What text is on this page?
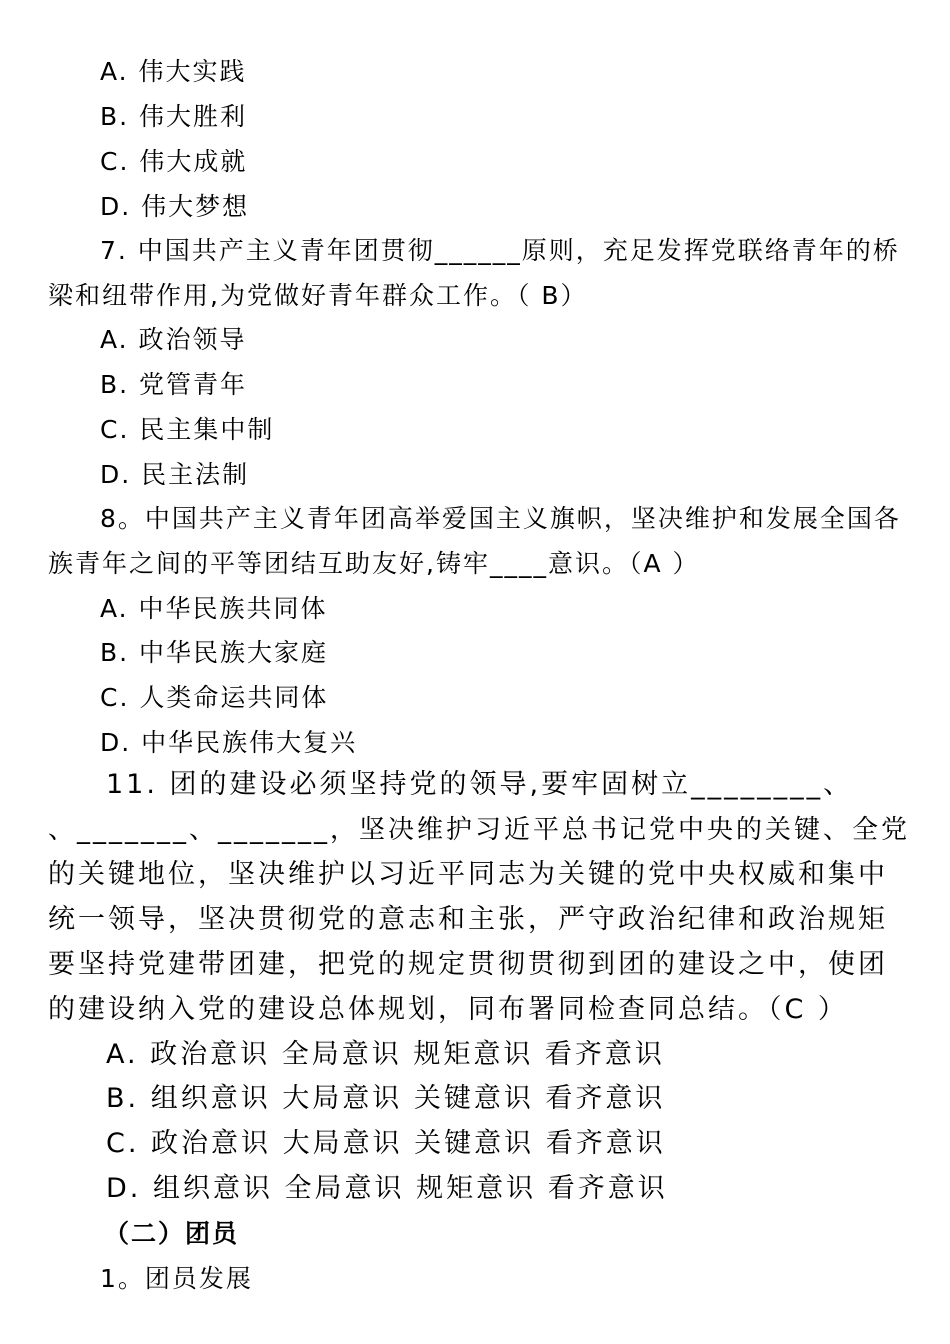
A. 伟大实践
B. 伟大胜利
C. 伟大成就
D. 伟大梦想
7. 中国共产主义青年团贯彻______原则，充足发挥党联络青年的桥
梁和纽带作用,为党做好青年群众工作。（ B）
A. 政治领导
B. 党管青年
C. 民主集中制
D. 民主法制
8。中国共产主义青年团高举爱国主义旗帜，坚决维护和发展全国各
族青年之间的平等团结互助友好,铸牢____意识。（A ）
A. 中华民族共同体
B. 中华民族大家庭
C. 人类命运共同体
D. 中华民族伟大复兴
11. 团的建设必须坚持党的领导,要牢固树立________、
、_______、_______，坚决维护习近平总书记党中央的关键、全党
的关键地位，坚决维护以习近平同志为关键的党中央权威和集中
统一领导，坚决贯彻党的意志和主张，严守政治纪律和政治规矩
要坚持党建带团建，把党的规定贯彻贯彻到团的建设之中，使团
的建设纳入党的建设总体规划，同布署同检查同总结。（C ）
A. 政治意识 全局意识 规矩意识 看齐意识
B. 组织意识 大局意识 关键意识 看齐意识
C. 政治意识 大局意识 关键意识 看齐意识
D. 组织意识 全局意识 规矩意识 看齐意识
（二）团员
1。团员发展
